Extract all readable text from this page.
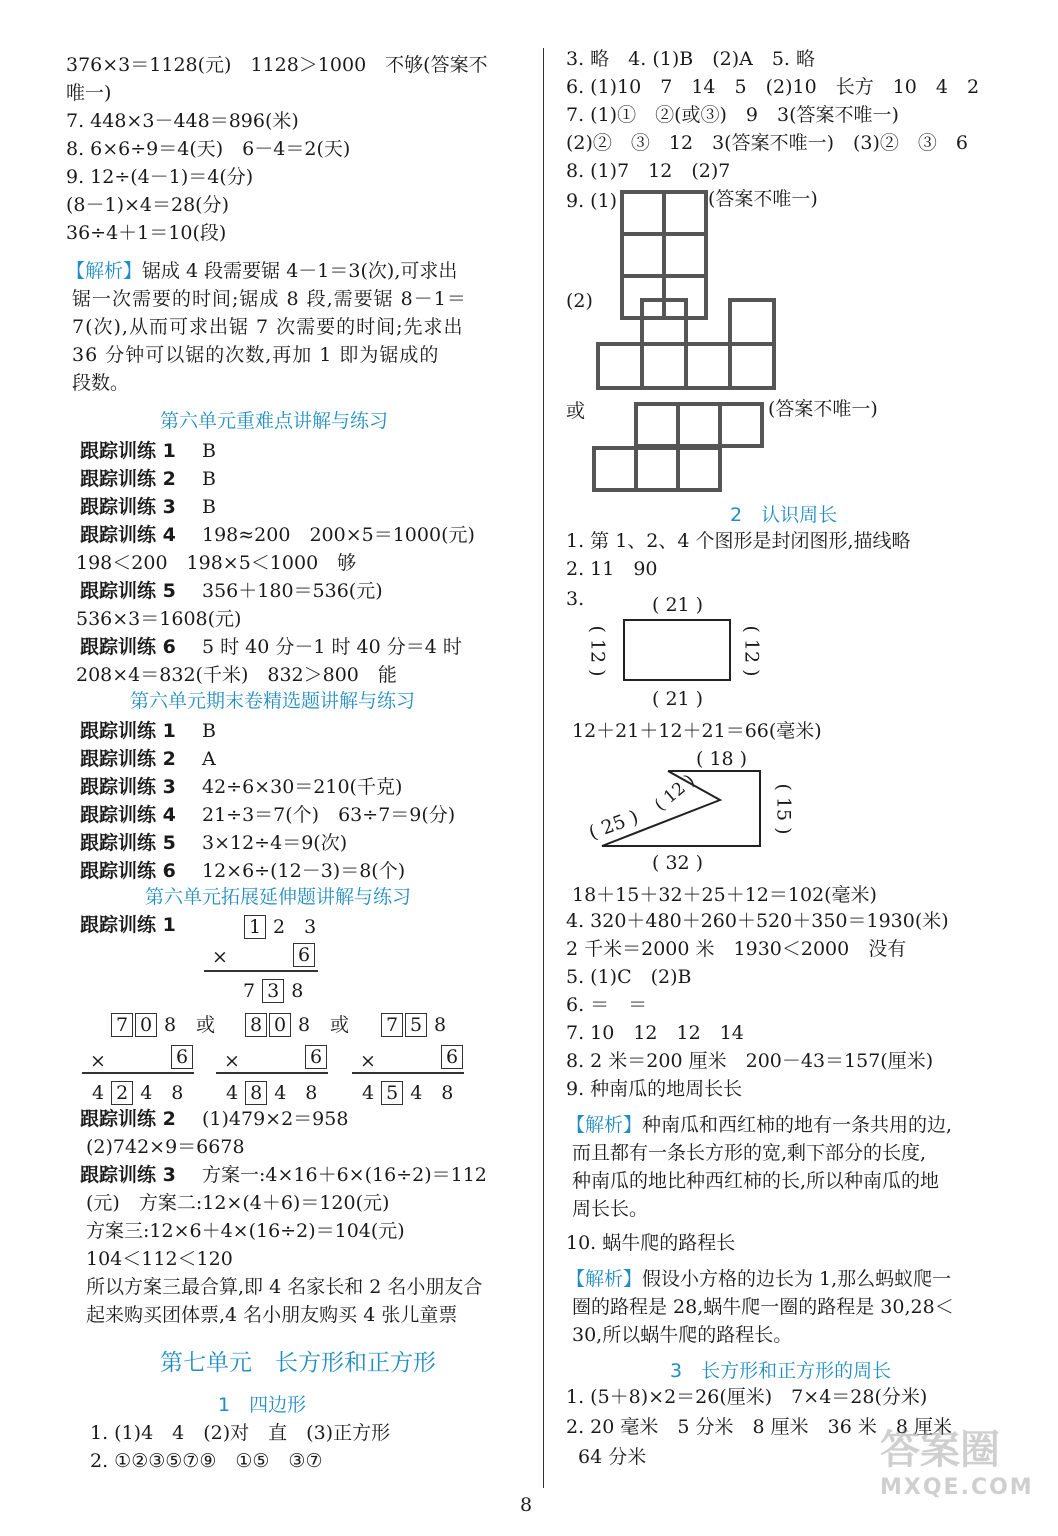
376×3＝1128(元)　1128＞1000　不够(答案不
唯一)
7. 448×3－448＝896(米)
8. 6×6÷9＝4(天)　6－4＝2(天)
9. 12÷(4－1)＝4(分)
(8－1)×4＝28(分)
36÷4＋1＝10(段)
【解析】锯成 4 段需要锯 4－1＝3(次),可求出
锯一次需要的时间;锯成 8 段,需要锯 8－1＝
7(次),从而可求出锯 7 次需要的时间;先求出
36 分钟可以锯的次数,再加 1 即为锯成的
段数。
第六单元重难点讲解与练习
跟踪训练 1 B
跟踪训练 2 B
跟踪训练 3 B
跟踪训练 4 198≈200　200×5＝1000(元)
198＜200　198×5＜1000　够
跟踪训练 5 356＋180＝536(元)
536×3＝1608(元)
跟踪训练 6 5 时 40 分－1 时 40 分＝4 时
208×4＝832(千米)　832＞800　能
第六单元期末卷精选题讲解与练习
跟踪训练 1 B
跟踪训练 2 A
跟踪训练 3 42÷6×30＝210(千克)
跟踪训练 4 21÷3＝7(个)　63÷7＝9(分)
跟踪训练 5 3×12÷4＝9(次)
跟踪训练 6 12×6÷(12－3)＝8(个)
第六单元拓展延伸题讲解与练习
跟踪训练 1	1 2　3
×	6
7 3 8
7 0 8 或
×	6
4 2 4　 8
8 0 8 或
×	6
4 8 4　 8
7 5 8
×	6
4 5 4　 8
跟踪训练 2 (1)479×2＝958
(2)742×9＝6678
跟踪训练 3 方案一:4×16＋6×(16÷2)＝112
(元)　方案二:12×(4＋6)＝120(元)
方案三:12×6＋4×(16÷2)＝104(元)
104＜112＜120
所以方案三最合算,即 4 名家长和 2 名小朋友合
起来购买团体票,4 名小朋友购买 4 张儿童票
第七单元　长方形和正方形
1　四边形
1. (1)4　4　(2)对　直　(3)正方形
2. ①②③⑤⑦⑨　①⑤　③⑦
3. 略　4. (1)B　(2)A　5. 略
6. (1)10　7　14　5　(2)10　长方　10　4　2
7. (1)①　②(或③)　9　3(答案不唯一)
(2)②　③　12　3(答案不唯一)　(3)②　③　6
8. (1)7　12　(2)7
9. (1)	(答案不唯一)
(2)
或	(答案不唯一)
2　认识周长
1. 第 1、2、4 个图形是封闭图形,描线略
2. 11　90
3.	( 21 )
( 21 )
( 12 )	( 12 )
12＋21＋12＋21＝66(毫米)
( 18 )
( 15 )
( 32 )
( 25 )
( 12 )
18＋15＋32＋25＋12＝102(毫米)
4. 320＋480＋260＋520＋350＝1930(米)
2 千米＝2000 米　1930＜2000　没有
5. (1)C　(2)B
6. ＝　＝
7. 10　12　12　14
8. 2 米＝200 厘米　200－43＝157(厘米)
9. 种南瓜的地周长长
【解析】种南瓜和西红柿的地有一条共用的边,
而且都有一条长方形的宽,剩下部分的长度,
种南瓜的地比种西红柿的长,所以种南瓜的地
周长长。
10. 蜗牛爬的路程长
【解析】假设小方格的边长为 1,那么蚂蚁爬一
圈的路程是 28,蜗牛爬一圈的路程是 30,28＜
30,所以蜗牛爬的路程长。
3　长方形和正方形的周长
1. (5＋8)×2＝26(厘米)　7×4＝28(分米)
2. 20 毫米　5 分米　8 厘米　36 米　8 厘米
64 分米
8
答案圈
MXQE.COM
